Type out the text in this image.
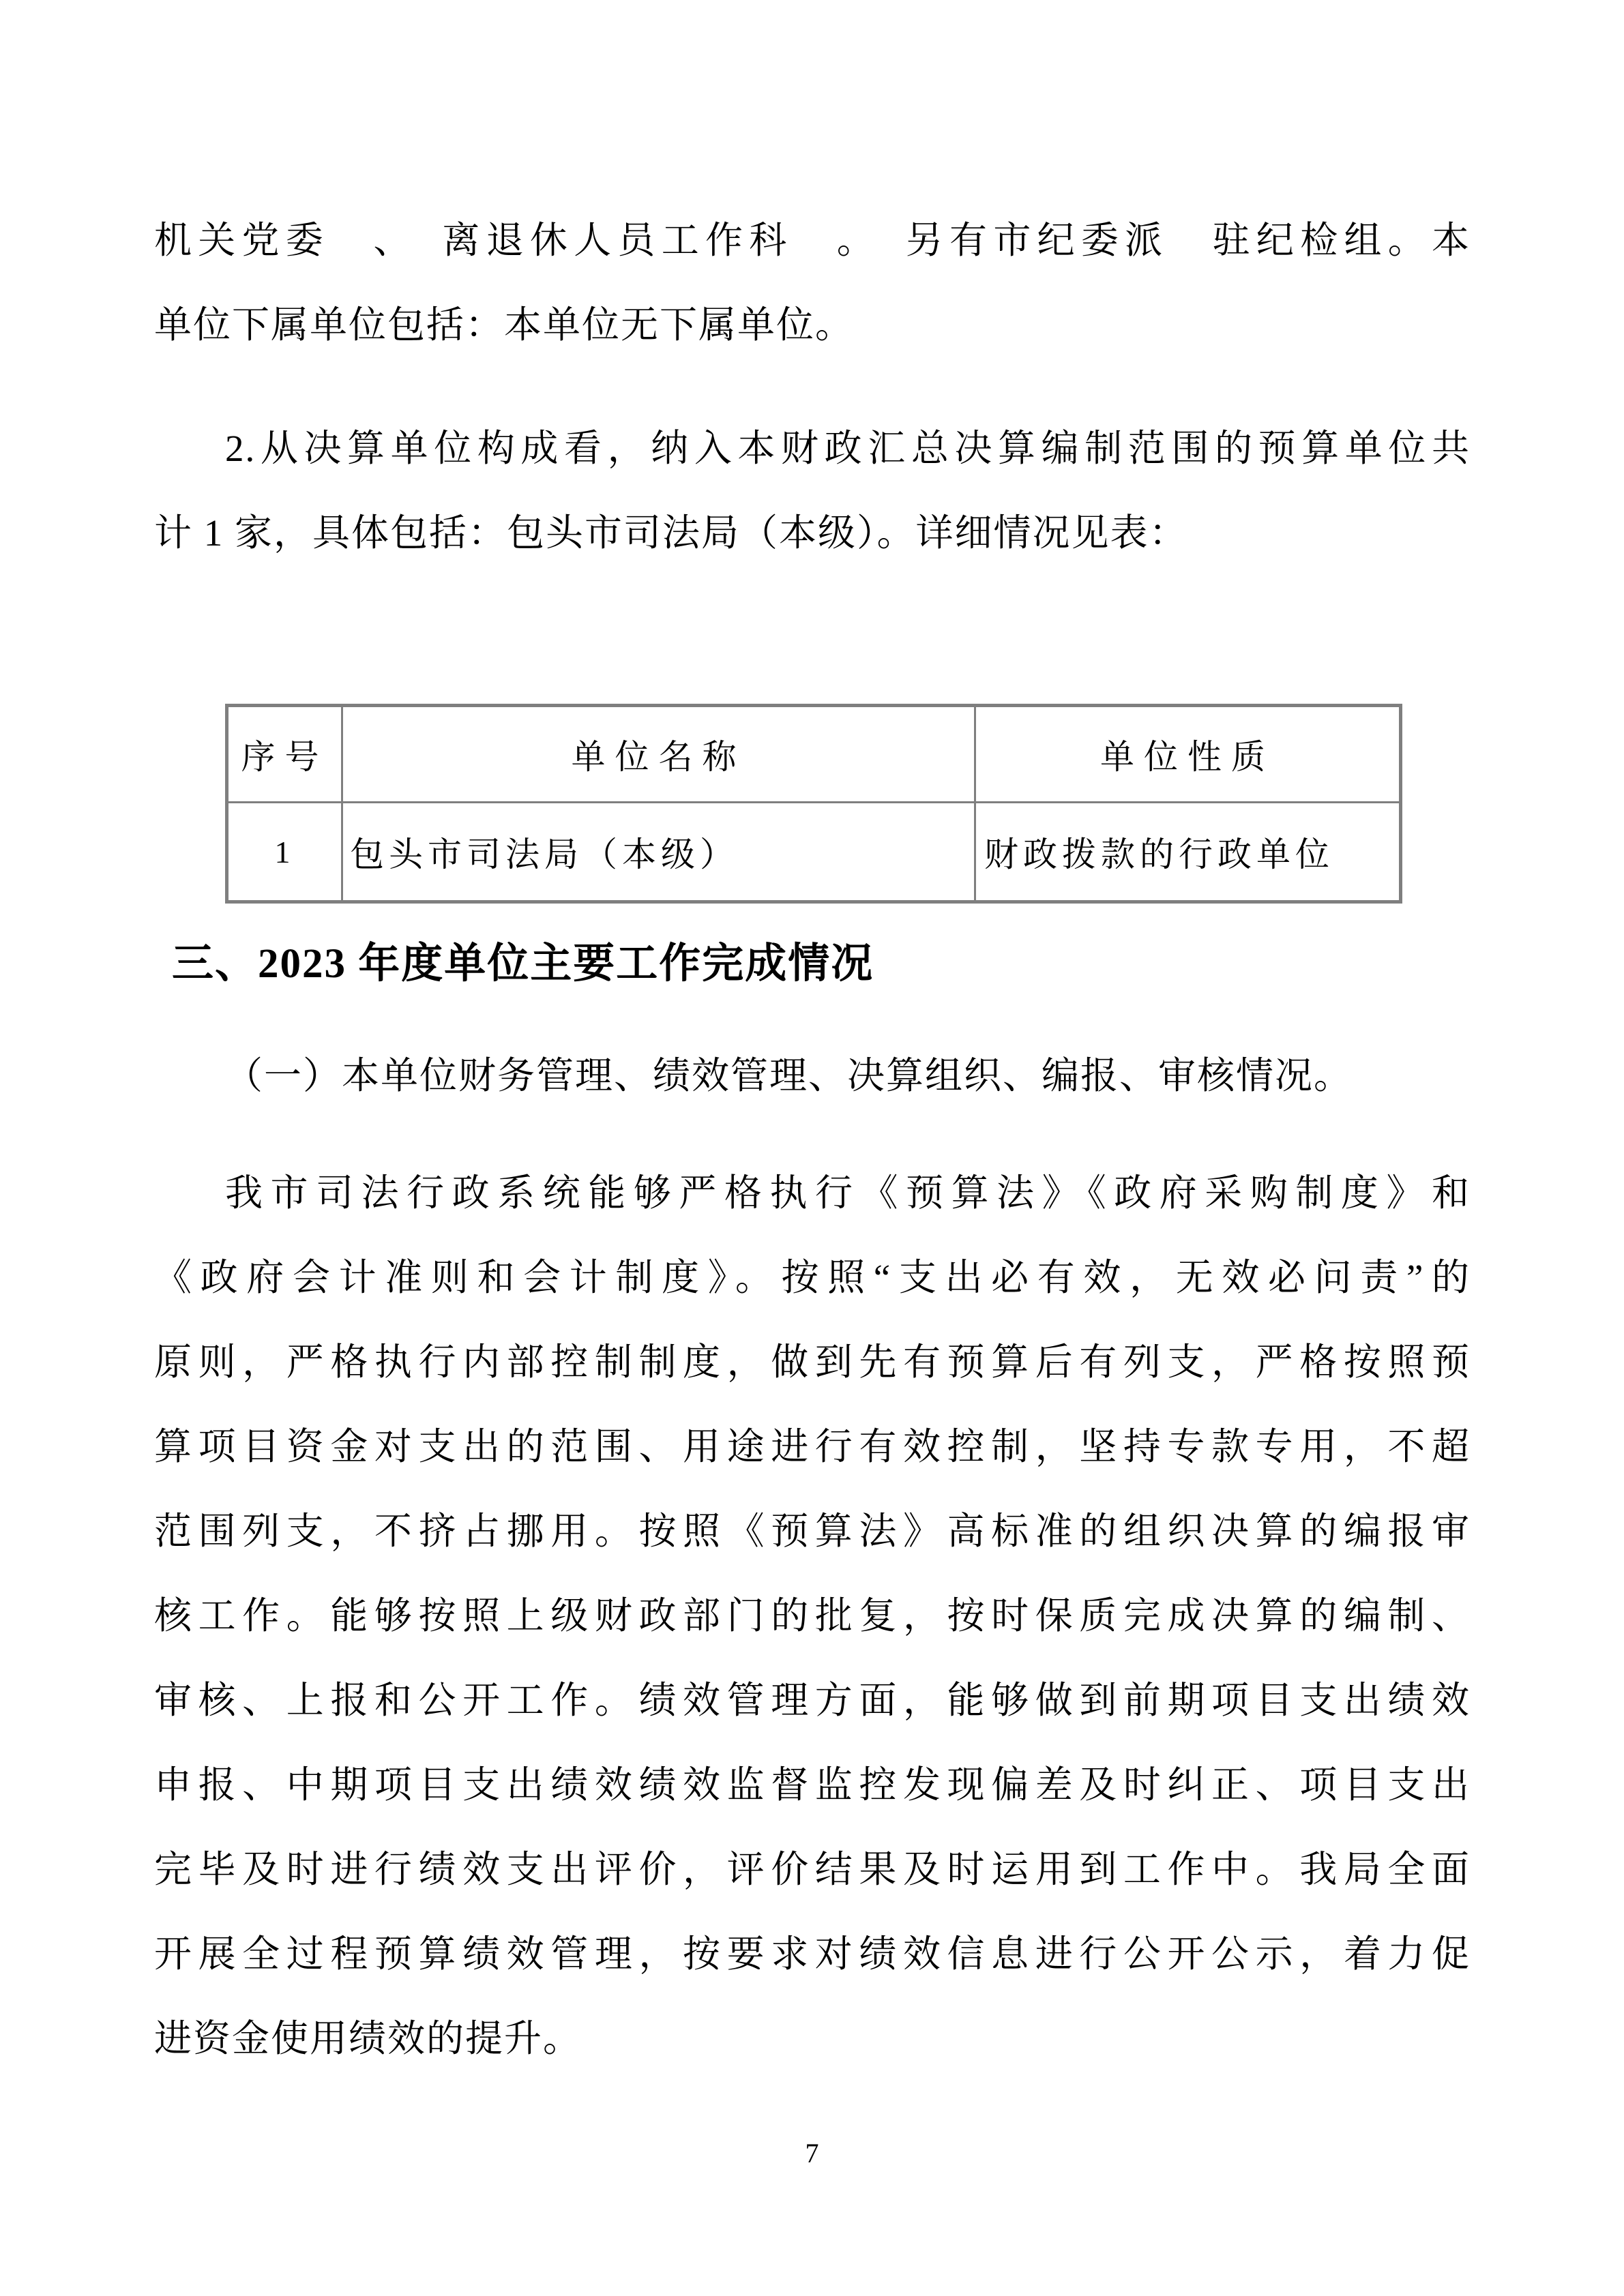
机关党委　、　离退休人员工作科　。　另有市纪委派　驻纪检组。本
单位下属单位包括：本单位无下属单位。
2.从决算单位构成看，纳入本财政汇总决算编制范围的预算单位共
计 1 家，具体包括：包头市司法局（本级）。详细情况见表：
序号	单位名称	单位性质
1	包头市司法局（本级）	财政拨款的行政单位
三、2023 年度单位主要工作完成情况
（一）本单位财务管理、绩效管理、决算组织、编报、审核情况。
我市司法行政系统能够严格执行《预算法》《政府采购制度》和
《政府会计准则和会计制度》。按照“支出必有效，无效必问责”的
原则，严格执行内部控制制度，做到先有预算后有列支，严格按照预
算项目资金对支出的范围、用途进行有效控制，坚持专款专用，不超
范围列支，不挤占挪用。按照《预算法》高标准的组织决算的编报审
核工作。能够按照上级财政部门的批复，按时保质完成决算的编制、
审核、上报和公开工作。绩效管理方面，能够做到前期项目支出绩效
申报、中期项目支出绩效绩效监督监控发现偏差及时纠正、项目支出
完毕及时进行绩效支出评价，评价结果及时运用到工作中。我局全面
开展全过程预算绩效管理，按要求对绩效信息进行公开公示，着力促
进资金使用绩效的提升。
7
